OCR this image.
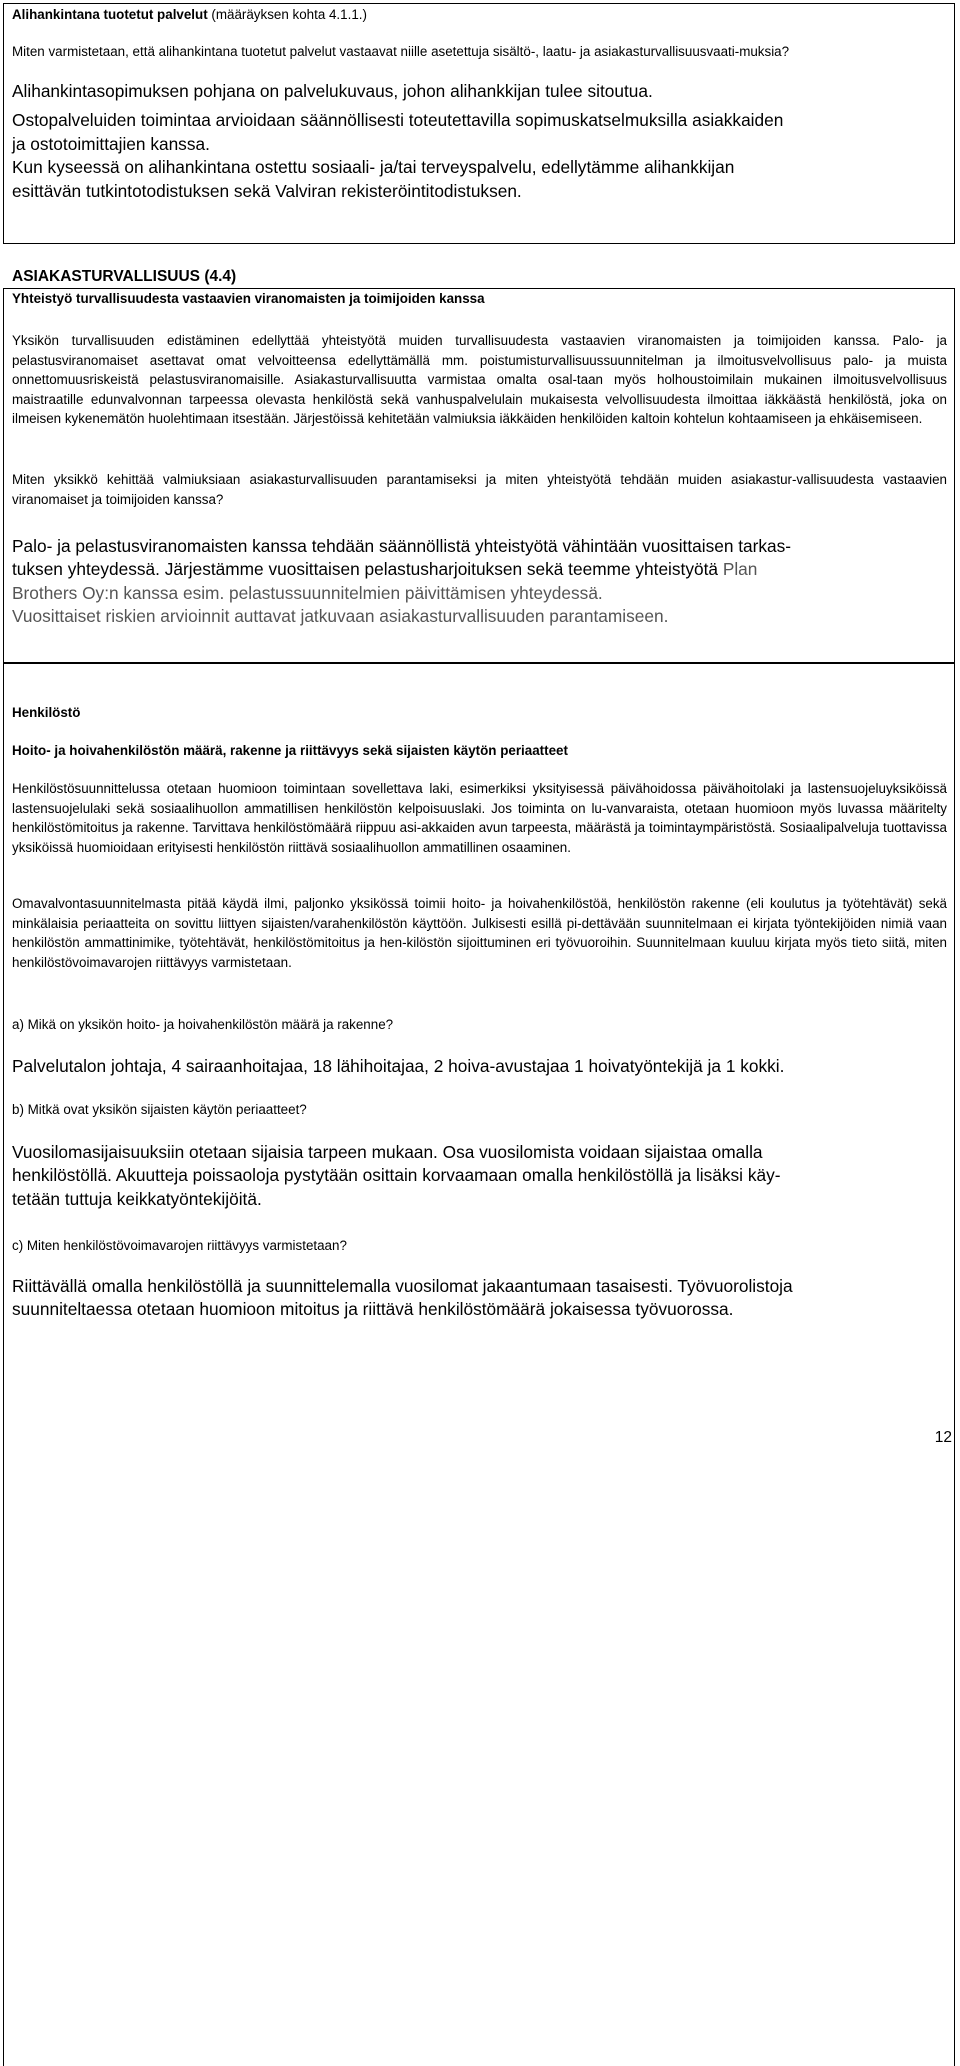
Alihankintana tuotetut palvelut (määräyksen kohta 4.1.1.)
Miten varmistetaan, että alihankintana tuotetut palvelut vastaavat niille asetettuja sisältö-, laatu- ja asiakasturvallisuusvaati-muksia?
Alihankintasopimuksen pohjana on palvelukuvaus, johon alihankkijan tulee sitoutua.
Ostopalveluiden toimintaa arvioidaan säännöllisesti toteutettavilla sopimuskatselmuksilla asiakkaiden
ja ostotoimittajien kanssa.
Kun kyseessä on alihankintana ostettu sosiaali- ja/tai terveyspalvelu, edellytämme alihankkijan
esittävän tutkintotodistuksen sekä Valviran rekisteröintitodistuksen.
ASIAKASTURVALLISUUS (4.4)
Yhteistyö turvallisuudesta vastaavien viranomaisten ja toimijoiden kanssa
Yksikön turvallisuuden edistäminen edellyttää yhteistyötä muiden turvallisuudesta vastaavien viranomaisten ja toimijoiden kanssa. Palo- ja pelastusviranomaiset asettavat omat velvoitteensa edellyttämällä mm. poistumisturvallisuussuunnitelman ja ilmoitusvelvollisuus palo- ja muista onnettomuusriskeistä pelastusviranomaisille. Asiakasturvallisuutta varmistaa omalta osal-taan myös holhoustoimilain mukainen ilmoitusvelvollisuus maistraatille edunvalvonnan tarpeessa olevasta henkilöstä sekä vanhuspalvelulain mukaisesta velvollisuudesta ilmoittaa iäkkäästä henkilöstä, joka on ilmeisen kykenemätön huolehtimaan itsestään. Järjestöissä kehitetään valmiuksia iäkkäiden henkilöiden kaltoin kohtelun kohtaamiseen ja ehkäisemiseen.
Miten yksikkö kehittää valmiuksiaan asiakasturvallisuuden parantamiseksi ja miten yhteistyötä tehdään muiden asiakastur-vallisuudesta vastaavien viranomaiset ja toimijoiden kanssa?
Palo- ja pelastusviranomaisten kanssa tehdään säännöllistä yhteistyötä vähintään vuosittaisen tarkas-
tuksen yhteydessä. Järjestämme vuosittaisen pelastusharjoituksen sekä teemme yhteistyötä Plan
Brothers Oy:n kanssa esim. pelastussuunnitelmien päivittämisen yhteydessä.
Vuosittaiset riskien arvioinnit auttavat jatkuvaan asiakasturvallisuuden parantamiseen.
Henkilöstö
Hoito- ja hoivahenkilöstön määrä, rakenne ja riittävyys sekä sijaisten käytön periaatteet
Henkilöstösuunnittelussa otetaan huomioon toimintaan sovellettava laki, esimerkiksi yksityisessä päivähoidossa päivähoitolaki ja lastensuojeluyksiköissä lastensuojelulaki sekä sosiaalihuollon ammatillisen henkilöstön kelpoisuuslaki. Jos toiminta on lu-vanvaraista, otetaan huomioon myös luvassa määritelty henkilöstömitoitus ja rakenne. Tarvittava henkilöstömäärä riippuu asi-akkaiden avun tarpeesta, määrästä ja toimintaympäristöstä. Sosiaalipalveluja tuottavissa yksiköissä huomioidaan erityisesti henkilöstön riittävä sosiaalihuollon ammatillinen osaaminen.
Omavalvontasuunnitelmasta pitää käydä ilmi, paljonko yksikössä toimii hoito- ja hoivahenkilöstöä, henkilöstön rakenne (eli koulutus ja työtehtävät) sekä minkälaisia periaatteita on sovittu liittyen sijaisten/varahenkilöstön käyttöön. Julkisesti esillä pi-dettävään suunnitelmaan ei kirjata työntekijöiden nimiä vaan henkilöstön ammattinimike, työtehtävät, henkilöstömitoitus ja hen-kilöstön sijoittuminen eri työvuoroihin. Suunnitelmaan kuuluu kirjata myös tieto siitä, miten henkilöstövoimavarojen riittävyys varmistetaan.
a) Mikä on yksikön hoito- ja hoivahenkilöstön määrä ja rakenne?
Palvelutalon johtaja, 4 sairaanhoitajaa, 18 lähihoitajaa, 2 hoiva-avustajaa 1 hoivatyöntekijä ja 1 kokki.
b) Mitkä ovat yksikön sijaisten käytön periaatteet?
Vuosilomasijaisuuksiin otetaan sijaisia tarpeen mukaan. Osa vuosilomista voidaan sijaistaa omalla
henkilöstöllä. Akuutteja poissaoloja pystytään osittain korvaamaan omalla henkilöstöllä ja lisäksi käy-
tetään tuttuja keikkatyöntekijöitä.
c) Miten henkilöstövoimavarojen riittävyys varmistetaan?
Riittävällä omalla henkilöstöllä ja suunnittelemalla vuosilomat jakaantumaan tasaisesti. Työvuorolistoja
suunniteltaessa otetaan huomioon mitoitus ja riittävä henkilöstömäärä jokaisessa työvuorossa.
12
